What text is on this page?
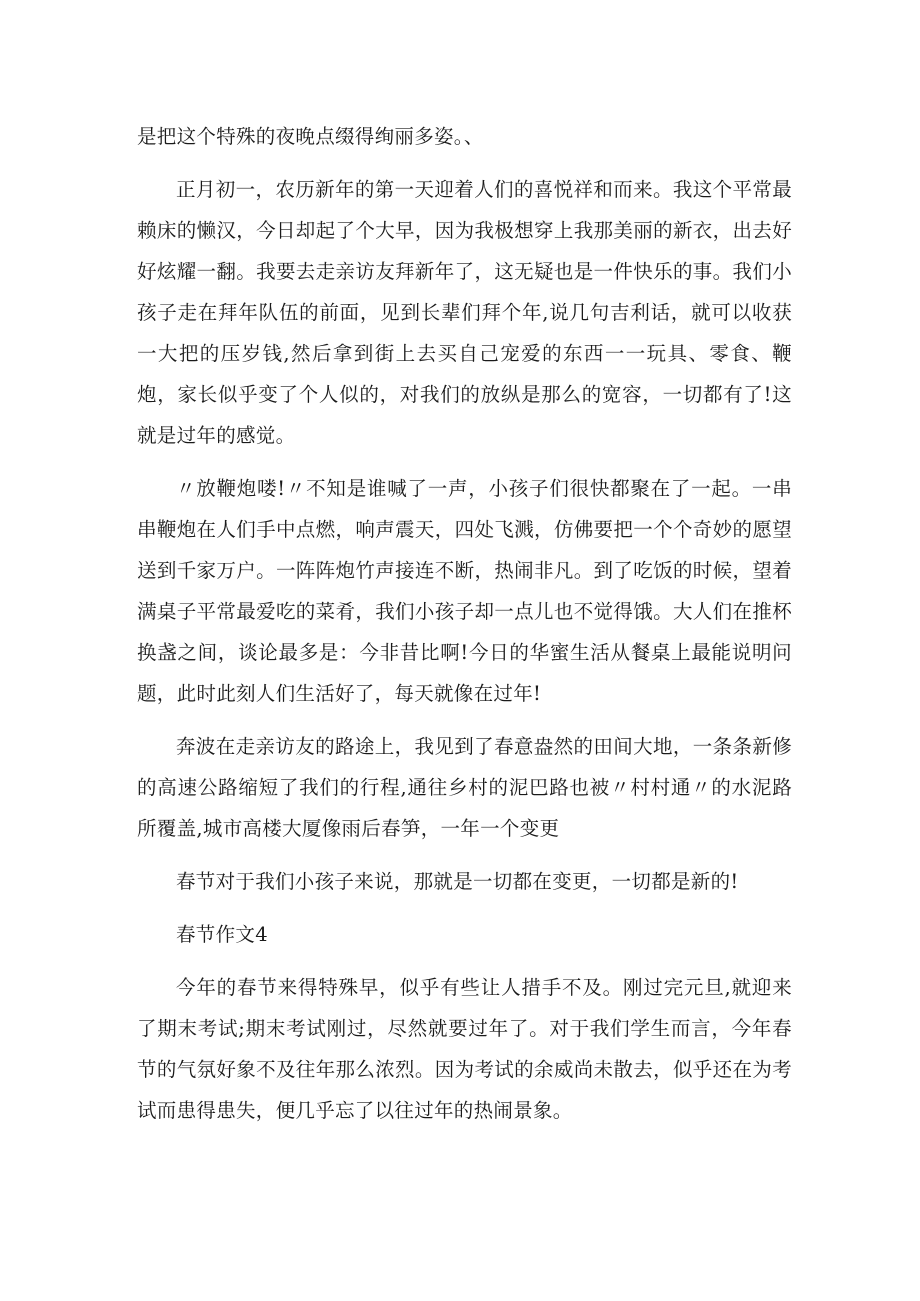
是把这个特殊的夜晚点缀得绚丽多姿。、

正月初一，农历新年的第一天迎着人们的喜悦祥和而来。我这个平常最赖床的懒汉，今日却起了个大早，因为我极想穿上我那美丽的新衣，出去好好炫耀一翻。我要去走亲访友拜新年了，这无疑也是一件快乐的事。我们小孩子走在拜年队伍的前面，见到长辈们拜个年,说几句吉利话，就可以收获一大把的压岁钱,然后拿到街上去买自己宠爱的东西一一玩具、零食、鞭炮，家长似乎变了个人似的，对我们的放纵是那么的宽容，一切都有了!这就是过年的感觉。

〃放鞭炮喽!〃不知是谁喊了一声，小孩子们很快都聚在了一起。一串串鞭炮在人们手中点燃，响声震天，四处飞溅，仿佛要把一个个奇妙的愿望送到千家万户。一阵阵炮竹声接连不断，热闹非凡。到了吃饭的时候，望着满桌子平常最爱吃的菜肴，我们小孩子却一点儿也不觉得饿。大人们在推杯换盏之间，谈论最多是：今非昔比啊!今日的华蜜生活从餐桌上最能说明问题，此时此刻人们生活好了，每天就像在过年!

奔波在走亲访友的路途上，我见到了春意盎然的田间大地，一条条新修的高速公路缩短了我们的行程,通往乡村的泥巴路也被〃村村通〃的水泥路所覆盖,城市高楼大厦像雨后春笋，一年一个变更

春节对于我们小孩子来说，那就是一切都在变更，一切都是新的!

春节作文4

今年的春节来得特殊早，似乎有些让人措手不及。刚过完元旦,就迎来了期末考试;期末考试刚过，尽然就要过年了。对于我们学生而言，今年春节的气氛好象不及往年那么浓烈。因为考试的余威尚未散去，似乎还在为考试而患得患失，便几乎忘了以往过年的热闹景象。
